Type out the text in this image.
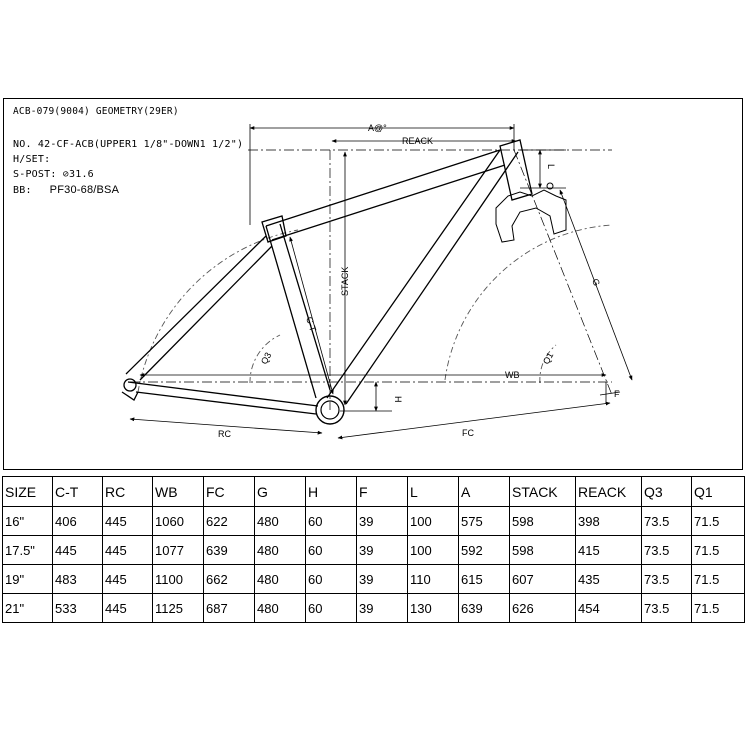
ACB-079(9004) GEOMETRY(29ER)
NO. 42-CF-ACB(UPPER1 1/8"-DOWN1 1/2")
H/SET:
S-POST: ⊘31.6
BB: PF30-68/BSA
A@°
REACK
STACK
C-T
Q3	Q1
WB
H
RC	FC
L
G
F
SIZE	C-T	RC	WB	FC	G	H	F	L	A	STACK	REACK	Q3	Q1
16"	406	445	1060	622	480	60	39	100	575	598	398	73.5	71.5
17.5"	445	445	1077	639	480	60	39	100	592	598	415	73.5	71.5
19"	483	445	1100	662	480	60	39	110	615	607	435	73.5	71.5
21"	533	445	1125	687	480	60	39	130	639	626	454	73.5	71.5
